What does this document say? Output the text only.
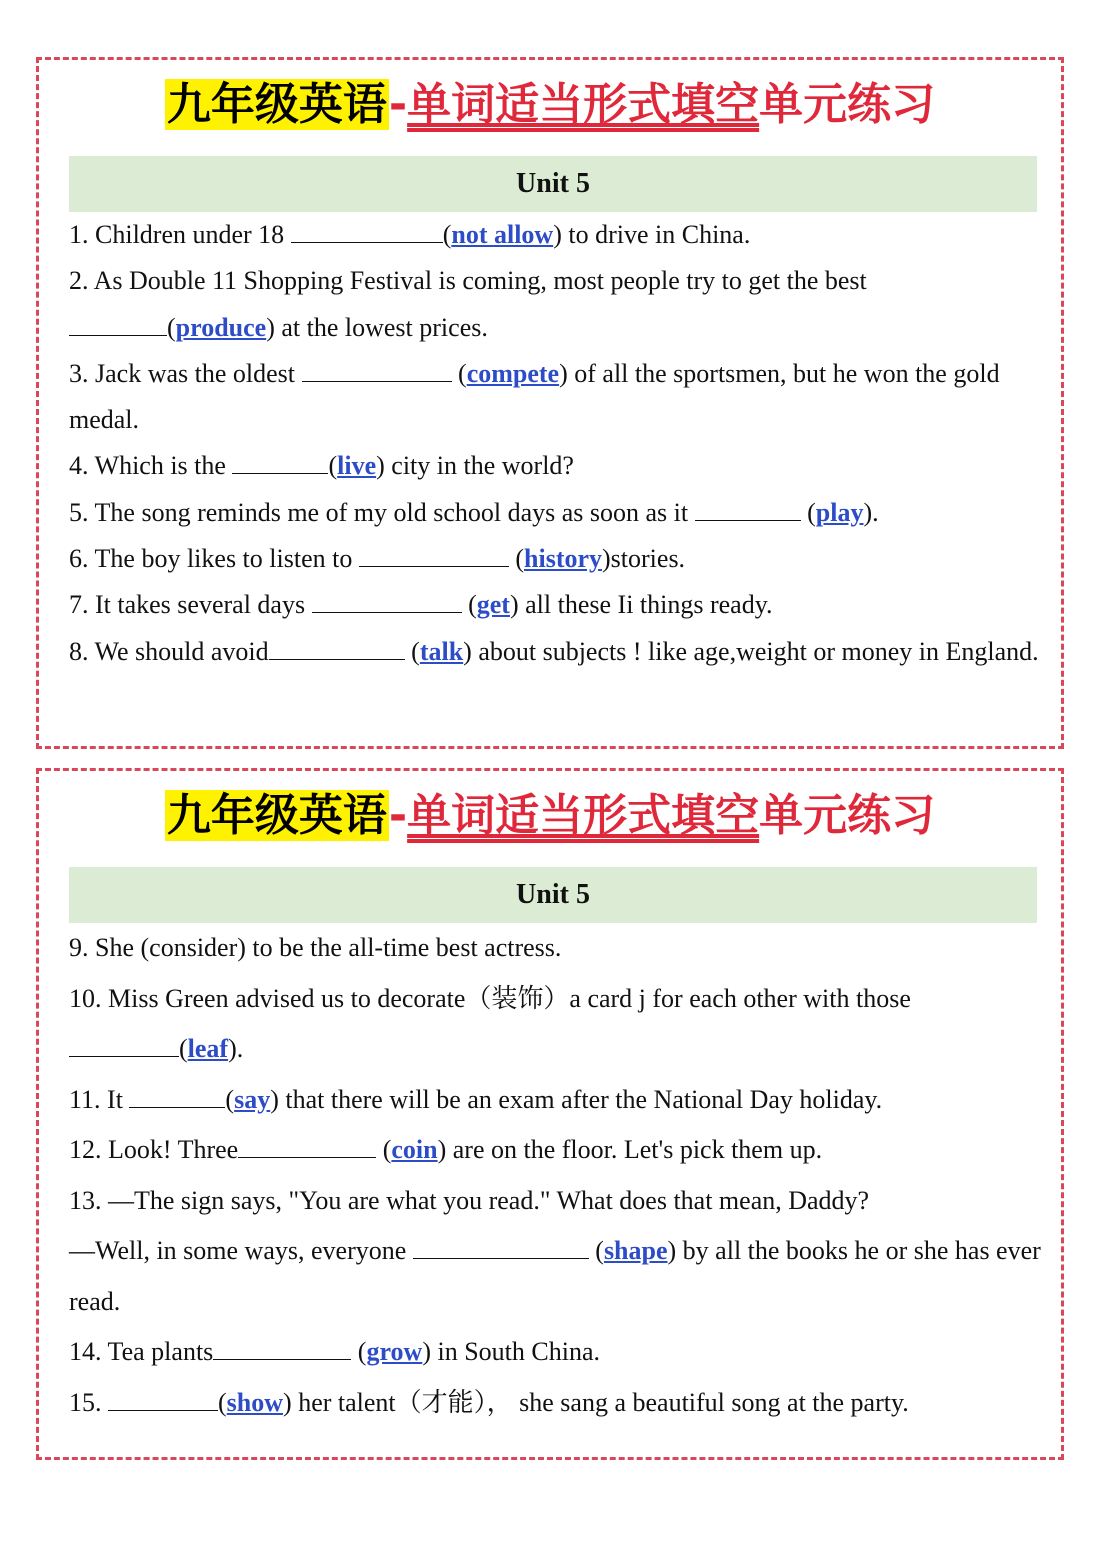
九年级英语-单词适当形式填空单元练习
Unit 5

1. Children under 18	(not allow) to drive in China.

2. As Double 11 Shopping Festival is coming, most people try to get the best
(produce) at the lowest prices.

3. Jack was the oldest	(compete) of all the sportsmen, but he won the gold medal.

4. Which is the	(live) city in the world?

5. The song reminds me of my old school days as soon as it	(play).

6. The boy likes to listen to	(history)stories.

7. It takes several days	(get) all these Ii things ready.

8. We should avoid	(talk) about subjects ! like age,weight or money in England.

九年级英语-单词适当形式填空单元练习
Unit 5

9. She (consider) to be the all-time best actress.

10. Miss Green advised us to decorate（装饰）a card j for each other with those
(leaf).

11. It	(say) that there will be an exam after the National Day holiday.

12. Look! Three	(coin) are on the floor. Let's pick them up.

13. —The sign says, "You are what you read." What does that mean, Daddy?
—Well, in some ways, everyone	(shape) by all the books he or she has ever read.

14. Tea plants	(grow) in South China.

15.	(show) her talent（才能）， she sang a beautiful song at the party.
